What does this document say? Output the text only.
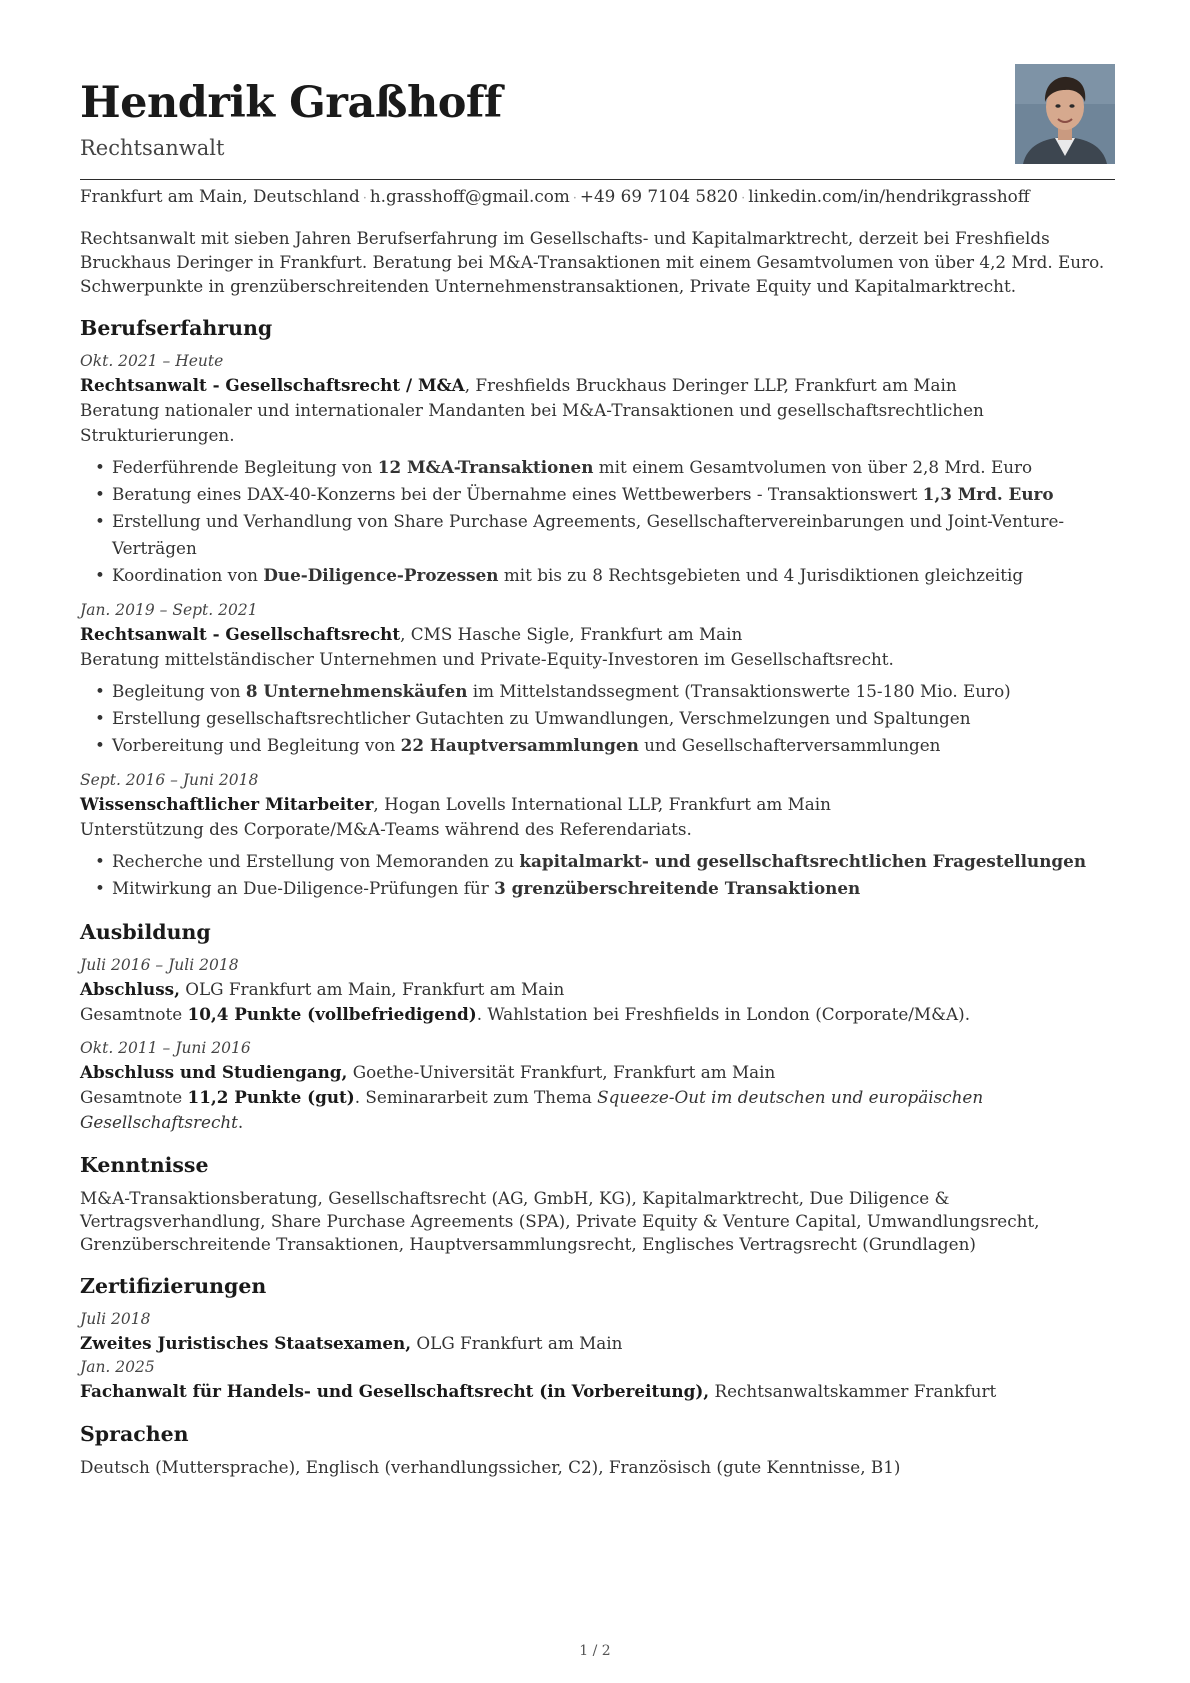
Hendrik Graßhoff
Rechtsanwalt
Frankfurt am Main, Deutschland · h.grasshoff@gmail.com · +49 69 7104 5820 · linkedin.com/in/hendrikgrasshoff
Rechtsanwalt mit sieben Jahren Berufserfahrung im Gesellschafts- und Kapitalmarktrecht, derzeit bei Freshfields Bruckhaus Deringer in Frankfurt. Beratung bei M&A-Transaktionen mit einem Gesamtvolumen von über 4,2 Mrd. Euro. Schwerpunkte in grenzüberschreitenden Unternehmenstransaktionen, Private Equity und Kapitalmarktrecht.
Berufserfahrung
Okt. 2021 – Heute
Rechtsanwalt - Gesellschaftsrecht / M&A, Freshfields Bruckhaus Deringer LLP, Frankfurt am Main
Beratung nationaler und internationaler Mandanten bei M&A-Transaktionen und gesellschaftsrechtlichen Strukturierungen.
• Federführende Begleitung von 12 M&A-Transaktionen mit einem Gesamtvolumen von über 2,8 Mrd. Euro
• Beratung eines DAX-40-Konzerns bei der Übernahme eines Wettbewerbers - Transaktionswert 1,3 Mrd. Euro
• Erstellung und Verhandlung von Share Purchase Agreements, Gesellschaftervereinbarungen und Joint-Venture-Verträgen
• Koordination von Due-Diligence-Prozessen mit bis zu 8 Rechtsgebieten und 4 Jurisdiktionen gleichzeitig
Jan. 2019 – Sept. 2021
Rechtsanwalt - Gesellschaftsrecht, CMS Hasche Sigle, Frankfurt am Main
Beratung mittelständischer Unternehmen und Private-Equity-Investoren im Gesellschaftsrecht.
• Begleitung von 8 Unternehmenskäufen im Mittelstandssegment (Transaktionswerte 15-180 Mio. Euro)
• Erstellung gesellschaftsrechtlicher Gutachten zu Umwandlungen, Verschmelzungen und Spaltungen
• Vorbereitung und Begleitung von 22 Hauptversammlungen und Gesellschafterversammlungen
Sept. 2016 – Juni 2018
Wissenschaftlicher Mitarbeiter, Hogan Lovells International LLP, Frankfurt am Main
Unterstützung des Corporate/M&A-Teams während des Referendariats.
• Recherche und Erstellung von Memoranden zu kapitalmarkt- und gesellschaftsrechtlichen Fragestellungen
• Mitwirkung an Due-Diligence-Prüfungen für 3 grenzüberschreitende Transaktionen
Ausbildung
Juli 2016 – Juli 2018
Abschluss, OLG Frankfurt am Main, Frankfurt am Main
Gesamtnote 10,4 Punkte (vollbefriedigend). Wahlstation bei Freshfields in London (Corporate/M&A).
Okt. 2011 – Juni 2016
Abschluss und Studiengang, Goethe-Universität Frankfurt, Frankfurt am Main
Gesamtnote 11,2 Punkte (gut). Seminararbeit zum Thema Squeeze-Out im deutschen und europäischen Gesellschaftsrecht.
Kenntnisse
M&A-Transaktionsberatung, Gesellschaftsrecht (AG, GmbH, KG), Kapitalmarktrecht, Due Diligence & Vertragsverhandlung, Share Purchase Agreements (SPA), Private Equity & Venture Capital, Umwandlungsrecht, Grenzüberschreitende Transaktionen, Hauptversammlungsrecht, Englisches Vertragsrecht (Grundlagen)
Zertifizierungen
Juli 2018
Zweites Juristisches Staatsexamen, OLG Frankfurt am Main
Jan. 2025
Fachanwalt für Handels- und Gesellschaftsrecht (in Vorbereitung), Rechtsanwaltskammer Frankfurt
Sprachen
Deutsch (Muttersprache), Englisch (verhandlungssicher, C2), Französisch (gute Kenntnisse, B1)
1 / 2
